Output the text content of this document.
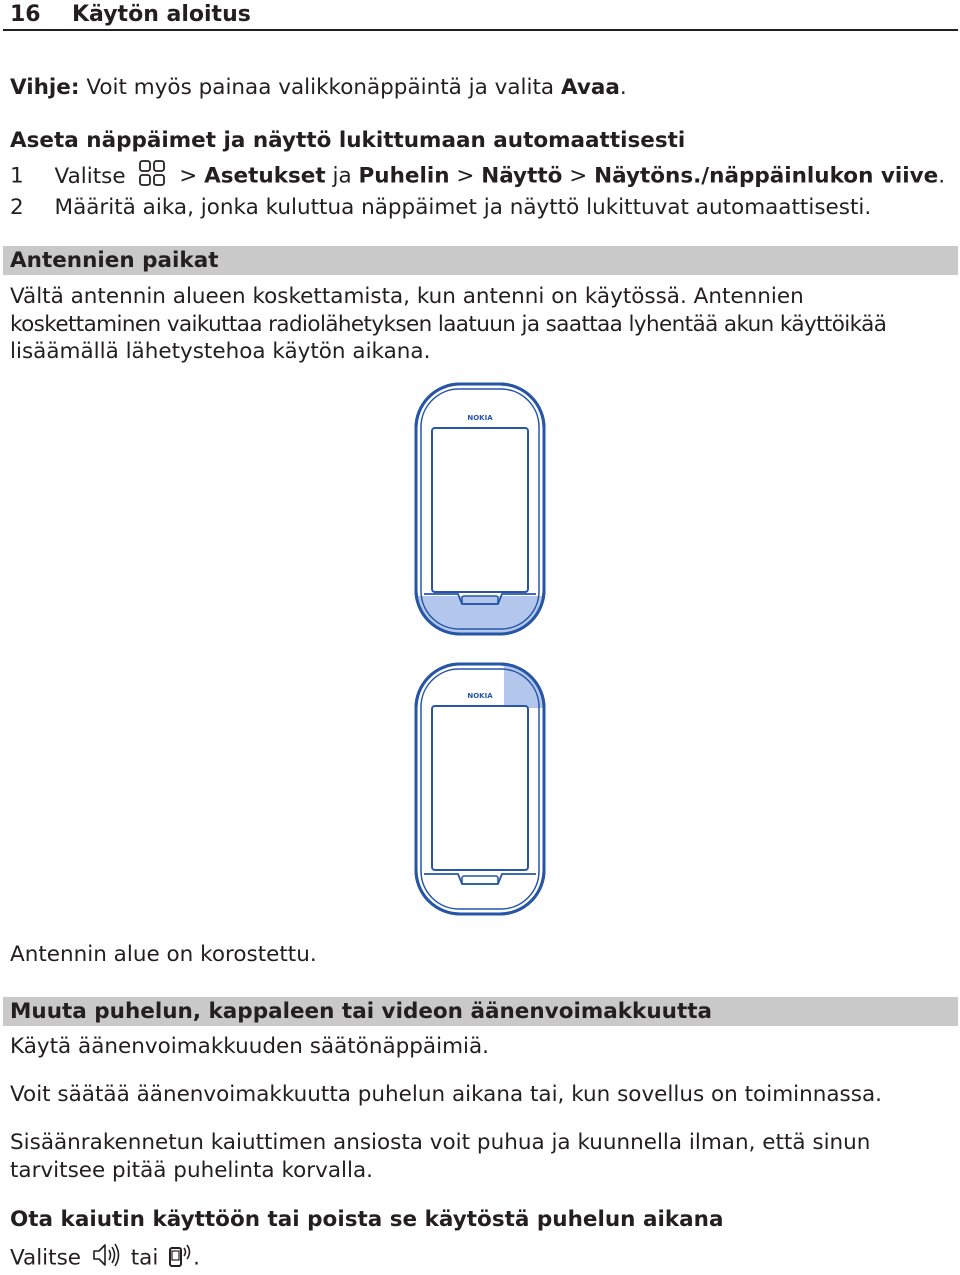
16 Käytön aloitus
Vihje: Voit myös painaa valikkonäppäintä ja valita Avaa.
Aseta näppäimet ja näyttö lukittumaan automaattisesti
1 Valitse > Asetukset ja Puhelin > Näyttö > Näytöns./näppäinlukon viive.
2 Määritä aika, jonka kuluttua näppäimet ja näyttö lukittuvat automaattisesti.
Antennien paikat
Vältä antennin alueen koskettamista, kun antenni on käytössä. Antennien
koskettaminen vaikuttaa radiolähetyksen laatuun ja saattaa lyhentää akun käyttöikää
lisäämällä lähetystehoa käytön aikana.
NOKIA
NOKIA
Antennin alue on korostettu.
Muuta puhelun, kappaleen tai videon äänenvoimakkuutta
Käytä äänenvoimakkuuden säätönäppäimiä.
Voit säätää äänenvoimakkuutta puhelun aikana tai, kun sovellus on toiminnassa.
Sisäänrakennetun kaiuttimen ansiosta voit puhua ja kuunnella ilman, että sinun
tarvitsee pitää puhelinta korvalla.
Ota kaiutin käyttöön tai poista se käytöstä puhelun aikana
Valitse tai .
